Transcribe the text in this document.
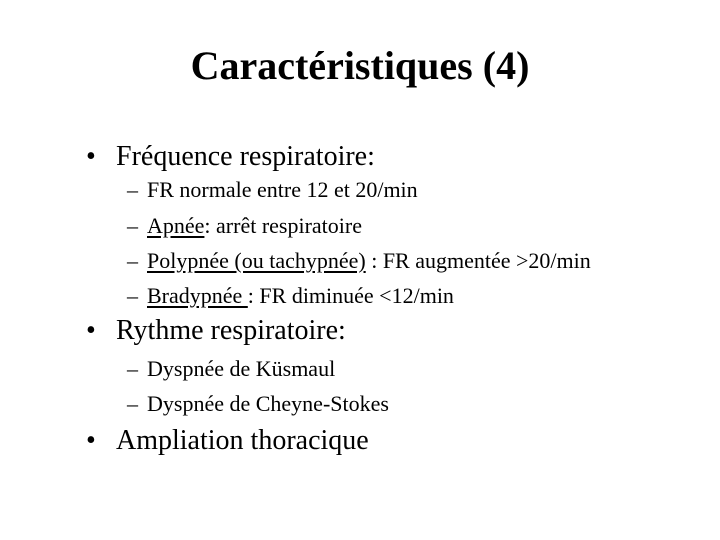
Caractéristiques (4)
• Fréquence respiratoire:
– FR normale entre 12 et 20/min
– Apnée: arrêt respiratoire
– Polypnée (ou tachypnée) : FR augmentée >20/min
– Bradypnée : FR diminuée <12/min
• Rythme respiratoire:
– Dyspnée de Küsmaul
– Dyspnée de Cheyne-Stokes
• Ampliation thoracique
